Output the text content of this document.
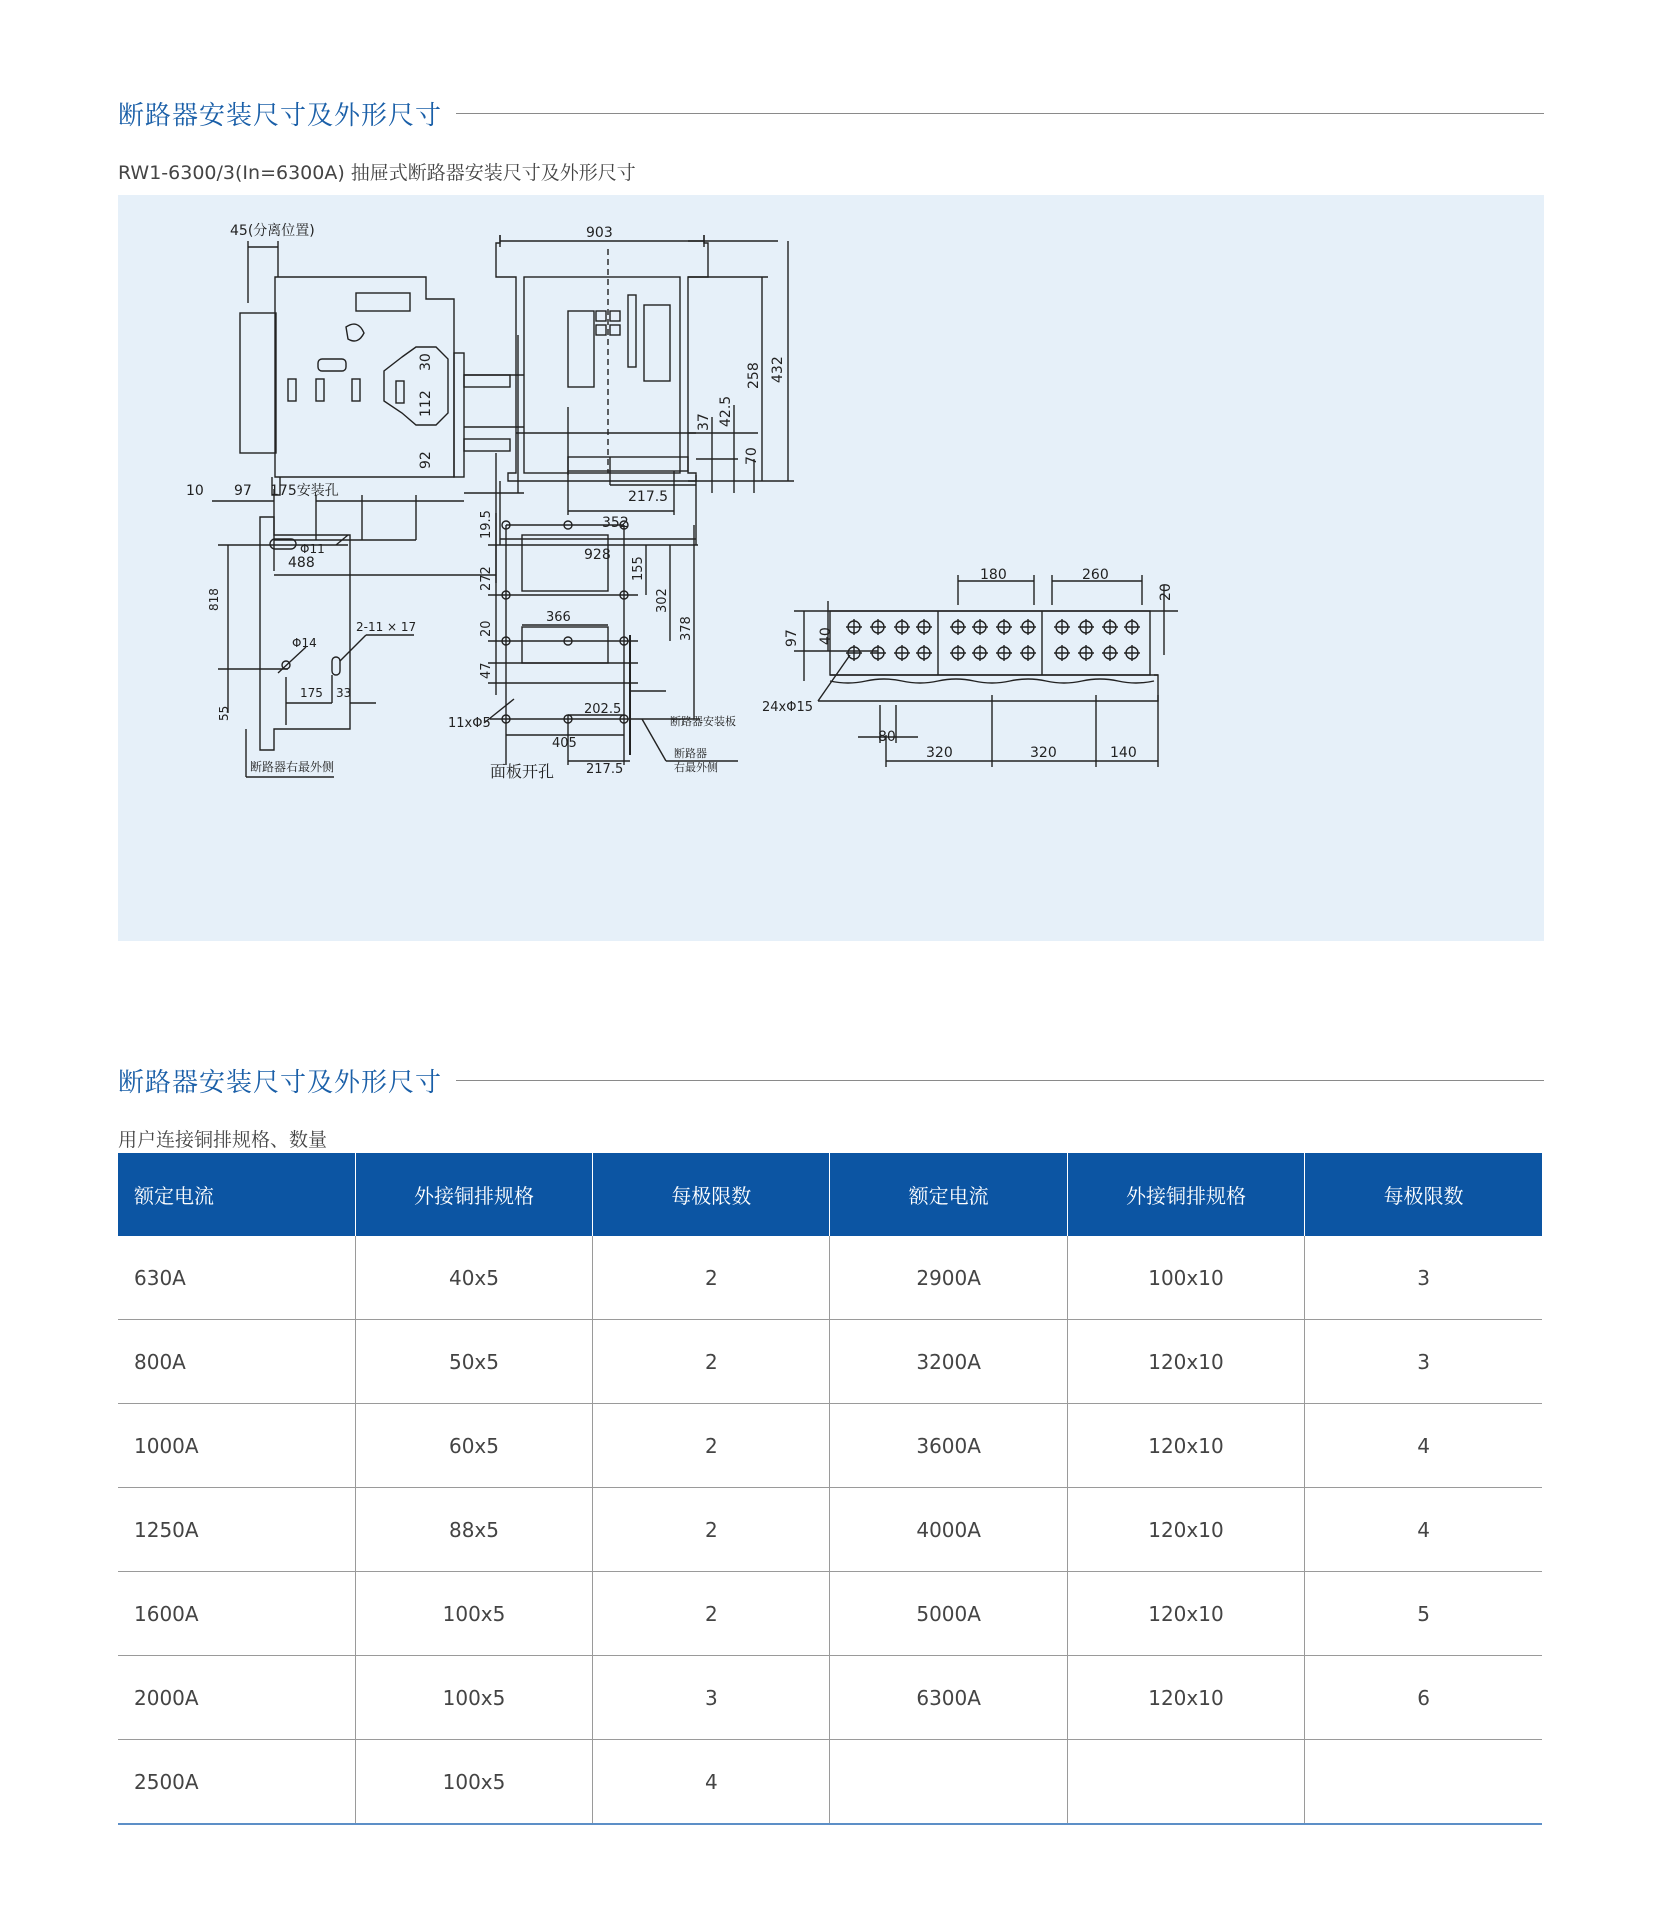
断路器安装尺寸及外形尺寸
RW1-6300/3(In=6300A) 抽屉式断路器安装尺寸及外形尺寸
45(分离位置)
30
112
92
10 97 175安装孔
488
903
258 432
37 42.5
70
217.5
352
928
818
Φ11
Φ14
2-11 × 17
55
175 33
断路器右最外侧
19.5
272
20
47
155
302
378
366
11xΦ5
202.5
405
217.5
面板开孔
断路器安装板
断路器
右最外侧
180	260
20
97 40
24xΦ15
80
320	320	140
断路器安装尺寸及外形尺寸
用户连接铜排规格、数量
额定电流	外接铜排规格	每极限数	额定电流	外接铜排规格	每极限数
630A	40x5	2	2900A	100x10	3
800A	50x5	2	3200A	120x10	3
1000A	60x5	2	3600A	120x10	4
1250A	88x5	2	4000A	120x10	4
1600A	100x5	2	5000A	120x10	5
2000A	100x5	3	6300A	120x10	6
2500A	100x5	4			
